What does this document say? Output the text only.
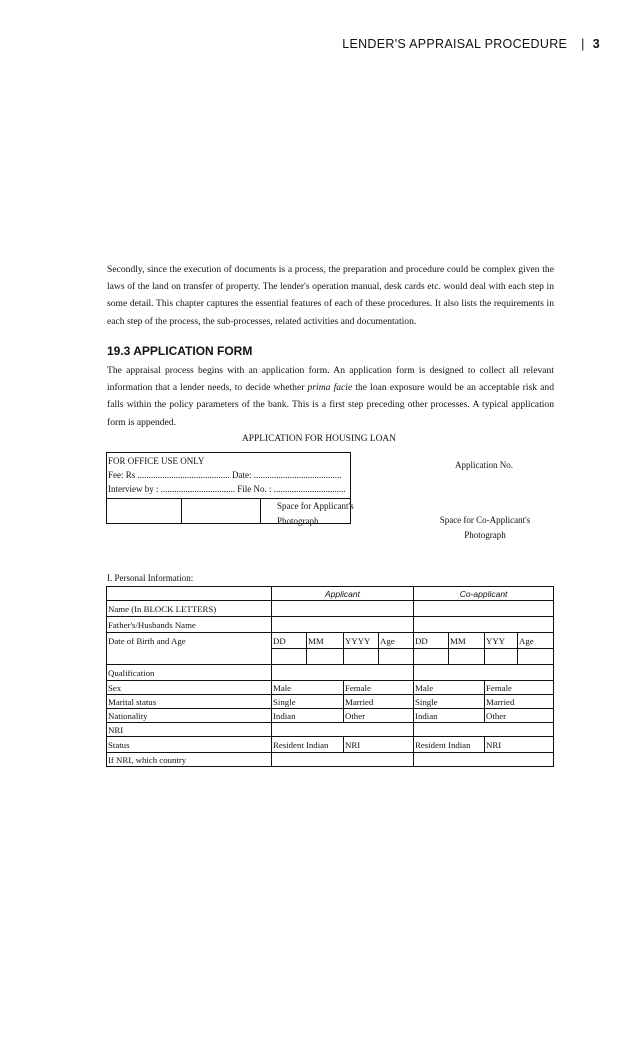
LENDER'S APPRAISAL PROCEDURE | 3
Secondly, since the execution of documents is a process, the preparation and procedure could be complex given the laws of the land on transfer of property. The lender's operation manual, desk cards etc. would deal with each step in some detail. This chapter captures the essential features of each of these procedures. It also lists the requirements in each step of the process, the sub-processes, related activities and documentation.
19.3 APPLICATION FORM
The appraisal process begins with an application form. An application form is designed to collect all relevant information that a lender needs, to decide whether prima facie the loan exposure would be an acceptable risk and falls within the policy parameters of the bank. This is a first step preceding other processes. A typical application form is appended.
APPLICATION FOR HOUSING LOAN
FOR OFFICE USE ONLY
Fee: Rs ......................................... Date: .......................................
Interview by : ................................. File No. : ................................
Space for Applicant's
Photograph
Application No.
Space for Co-Applicant's
Photograph
I. Personal Information:
	Applicant				Co-applicant			
Name (In BLOCK LETTERS)								
Father's/Husbands Name								
Date of Birth and Age	DD	MM	YYYY	Age	DD	MM	YYY	Age

Qualification								
Sex	Male		Female		Male		Female	
Marital status	Single		Married		Single		Married	
Nationality	Indian		Other		Indian		Other	
NRI								
Status	Resident Indian		NRI		Resident Indian		NRI	
If NRI, which country								
